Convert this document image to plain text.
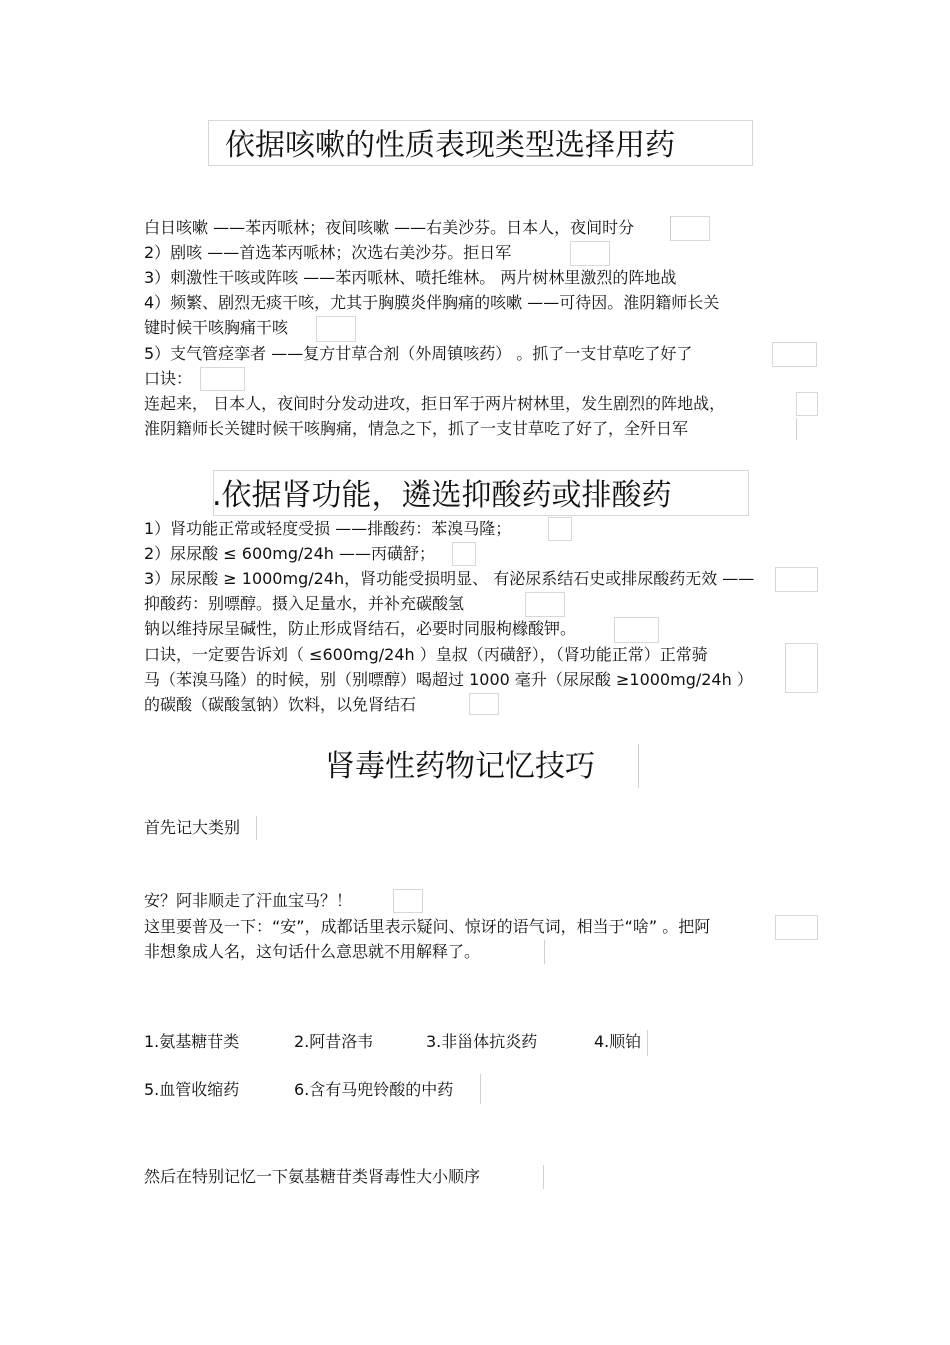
依据咳嗽的性质表现类型选择用药
白日咳嗽 ——苯丙哌林；夜间咳嗽 ——右美沙芬。日本人，夜间时分
2）剧咳 ——首选苯丙哌林；次选右美沙芬。拒日军
3）刺激性干咳或阵咳 ——苯丙哌林、喷托维林。 两片树林里激烈的阵地战
4）频繁、剧烈无痰干咳，尤其于胸膜炎伴胸痛的咳嗽 ——可待因。淮阴籍师长关
键时候干咳胸痛干咳
5）支气管痉挛者 ——复方甘草合剂（外周镇咳药） 。抓了一支甘草吃了好了
口诀：
连起来， 日本人，夜间时分发动进攻，拒日军于两片树林里，发生剧烈的阵地战，
淮阴籍师长关键时候干咳胸痛，情急之下，抓了一支甘草吃了好了，全歼日军
.依据肾功能，遴选抑酸药或排酸药
1）肾功能正常或轻度受损 ——排酸药：苯溴马隆；
2）尿尿酸 ≤ 600mg/24h ——丙磺舒；
3）尿尿酸 ≥ 1000mg/24h，肾功能受损明显、 有泌尿系结石史或排尿酸药无效 ——
抑酸药：别嘌醇。摄入足量水，并补充碳酸氢
钠以维持尿呈碱性，防止形成肾结石，必要时同服枸橼酸钾。
口诀，一定要告诉刘（ ≤600mg/24h ）皇叔（丙磺舒），（肾功能正常）正常骑
马（苯溴马隆）的时候，别（别嘌醇）喝超过 1000 毫升（尿尿酸 ≥1000mg/24h ）
的碳酸（碳酸氢钠）饮料，以免肾结石
肾毒性药物记忆技巧
首先记大类别
安？阿非顺走了汗血宝马？！
这里要普及一下：“安”，成都话里表示疑问、惊讶的语气词，相当于“啥” 。把阿
非想象成人名，这句话什么意思就不用解释了。
1.氨基糖苷类	2.阿昔洛韦	3.非甾体抗炎药	4.顺铂
5.血管收缩药	6.含有马兜铃酸的中药
然后在特别记忆一下氨基糖苷类肾毒性大小顺序
